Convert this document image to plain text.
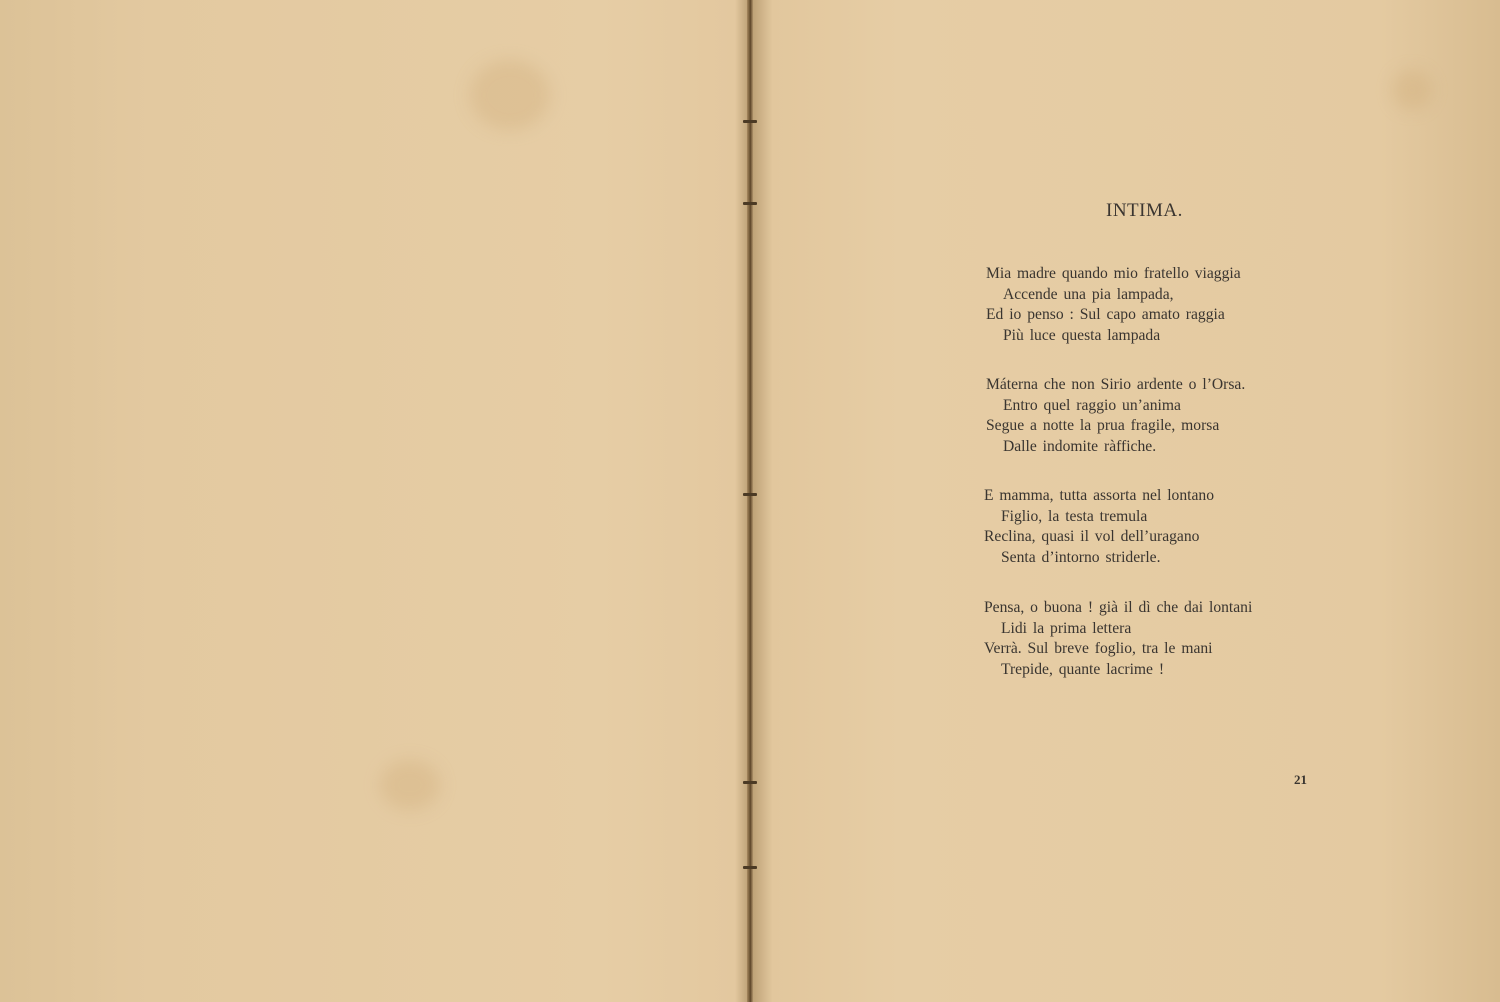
INTIMA.
Mia madre quando mio fratello viaggia
Accende una pia lampada,
Ed io penso : Sul capo amato raggia
Più luce questa lampada
Máterna che non Sirio ardente o l’Orsa.
Entro quel raggio un’anima
Segue a notte la prua fragile, morsa
Dalle indomite ràffiche.
E mamma, tutta assorta nel lontano
Figlio, la testa tremula
Reclina, quasi il vol dell’uragano
Senta d’intorno striderle.
Pensa, o buona ! già il dì che dai lontani
Lidi la prima lettera
Verrà. Sul breve foglio, tra le mani
Trepide, quante lacrime !
21
